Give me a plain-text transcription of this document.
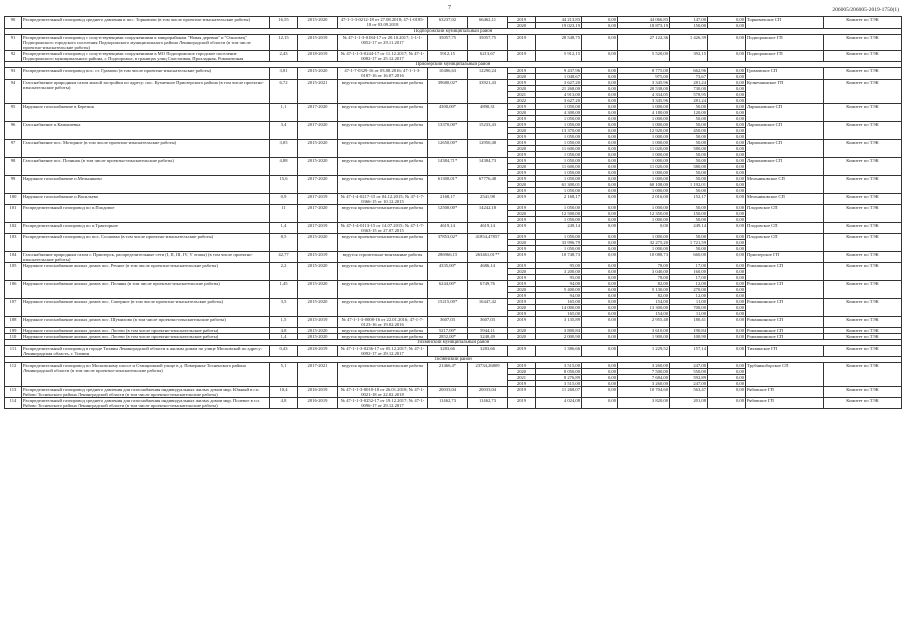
7	206005/206005-2019-1750(1)
90	Распределительный газопровод среднего давления в пос. Торковичи (в том числе проектно-изыскательские работы)	16,55	2015-2020	47-1-1-3-0212-18 от 27.08.2018; 47-1-0185-18 от 03.09.2018	63237,02	66462,11	2019	44 213,83	0,00	44 066,83	147,00	0,00	Торковичское СП	Комитет по ТЭК
							2020	19 023,19	0,00	18 873,19	150,00	0,00		
Подпорожский муниципальный район														
91	Распределительный газопровод с сопутствующими сооружениями к микрорайонам "Новая деревня" и "Ольховец" Подпорожского городского поселения Подпорожского муниципального района Ленинградской области (в том числе проектно-изыскательские работы)	12,15	2015-2019	№ 47-1-1-3-0184-17 от 20.10.2017; 1-1-1-0052-17 от 29.11.2017	35057,75	35057,75	2019	28 548,75	0,00	27 122,36	1 426,39	0,00	Подпорожское ГП	Комитет по ТЭК
92	Распределительный газопровод с сопутствующими сооружениями в МО Подпорожское городское поселение Подпорожского муниципального района, г. Подпорожье, в границах улиц Счастливая, Прохладная, Романтичная	2,43	2018-2019	№ 47-1-1-3-0244-17 от 11.12.2017; № 47-1-0082-17 от 25.12.2017	5912,15	6213,67	2019	5 912,15	0,00	5 520,00	392,15	0,00	Подпорожское ГП	Комитет по ТЭК
Приозерский муниципальный район														
93	Распределительный газопровод пос. ст. Громово (в том числе проектно-изыскательские работы)	3,81	2015-2020	47-1-7-0329-16 от 03.08.2016; 47-1-1-3-0187-16 от 16.07.2016	10486,63	12290,24	2019	9 437,96	0,00	8 775,00	662,96	0,00	Громовское СП	Комитет по ТЭК
							2020	1 048,67	0,00	975,00	73,67	0,00		
94	Газоснабжение природным газом жилой застройки по адресу: пос. Кузнечное Приозерского района (в том числе проектно-изыскательские работы)	6,72	2015-2021	ведутся проектно-изыскательские работы	39680,02*	33921,43	2019	3 627,20	0,00	3 345,96	281,24	0,00	Кузнечнинское ГП	Комитет по ТЭК
							2020	21 268,00	0,00	20 538,00	730,00	0,00		
							2021	4 913,00	0,00	4 334,05	578,95	0,00		
							2022	3 627,20	0,00	3 345,96	281,24	0,00		
95	Наружное газоснабжение в Бережок	1,1	2017-2020	ведутся проектно-изыскательские работы	4300,00*	4890,31	2019	1 050,00	0,00	1 000,00	50,00	0,00	Ларионовское СП	Комитет по ТЭК
							2020	4 300,00	0,00	4 180,00	120,00	0,00		
							2019	1 050,00	0,00	1 000,00	50,00	0,00		
96	Газоснабжение п.Камышевка	3,4	2017-2020	ведутся проектно-изыскательские работы	13370,00*	15233,43	2019	1 050,00	0,00	1 000,00	50,00	0,00	Ларионовское СП	Комитет по ТЭК
							2020	13 370,00	0,00	12 920,00	450,00	0,00		
							2019	1 050,00	0,00	1 000,00	50,00	0,00		
97	Газоснабжение пос. Моторное (в том числе проектно-изыскательские работы)	3,05	2015-2020	ведутся проектно-изыскательские работы	12650,00*	12950,48	2019	1 050,00	0,00	1 000,00	50,00	0,00	Ларионовское СП	Комитет по ТЭК
							2020	11 600,00	0,00	11 020,00	580,00	0,00		
							2019	1 050,00	0,00	1 000,00	50,00	0,00		
98	Газоснабжение пос. Починок (в том числе проектно-изыскательские работы)	4,88	2015-2020	ведутся проектно-изыскательские работы	14384,71*	14384,73	2019	1 050,00	0,00	1 000,00	50,00	0,00	Ларионовское СП	Комитет по ТЭК
							2020	11 600,00	0,00	11 020,00	580,00	0,00		
							2019	1 050,00	0,00	1 000,00	50,00	0,00		
99	Наружное газоснабжение п.Мельниково	15,6	2017-2020	ведутся проектно-изыскательские работы	61300,01*	67776,48	2019	1 050,00	0,00	1 000,00	50,00	0,00	Мельниковское СП	Комитет по ТЭК
							2020	61 300,01	0,00	60 108,00	1 192,01	0,00		
							2019	1 050,00	0,00	1 000,00	50,00	0,00		
100	Наружное газоснабжение п.Васильево	0,9	2017-2019	№ 47-1-4-0217-15 от 04.12.2015; № 47-1-7-0366-15 от 10.12.2015	2168,17	2541,98	2019	2 168,17	0,00	2 016,00	152,17	0,00	Мельниковское СП	Комитет по ТЭК
101	Распределительный газопровод по п.Плодовое	11	2017-2020	ведутся проектно-изыскательские работы	12500,00*	14242,18	2019	1 050,00	0,00	1 000,00	50,00	0,00	Плодовское СП	Комитет по ТЭК
							2020	12 500,00	0,00	12 350,00	150,00	0,00		
							2019	1 050,00	0,00	1 000,00	50,00	0,00		
102	Распределительный газопровод по п.Тракторное	1,4	2017-2019	№ 47-1-4-0113-15 от 14.07.2015; № 47-1-7-0363-15 от 27.07.2015	4619,14	4619,14	2019	249,14	0,00	0,00	249,14	0,00	Плодовское СП	Комитет по ТЭК
103	Распределительный газопровод по пос. Сосновка (в том числе проектно-изыскательские работы)	8,5	2015-2020	ведутся проектно-изыскательские работы	37853,02*	41854,47857	2019	1 050,00	0,00	1 000,00	50,00	0,00	Плодовское СП	Комитет по ТЭК
							2020	33 996,79	0,00	32 275,20	1 721,59	0,00		
							2019	1 050,00	0,00	1 000,00	50,00	0,00		
104	Газоснабжение природным газом г. Приозерск, распределительные сети (I, II, III, IV, V этапы) (в том числе проектно-изыскательские работы)	42,77	2015-2019	ведутся строительно-монтажные работы	286966,15	263461,01**	2019	10 748,73	0,00	10 088,73	660,00	0,00	Приозерское ГП	Комитет по ТЭК
105	Наружное газоснабжение жилых домов пос. Речное (в том числе проектно-изыскательские работы)	2,2	2015-2020	ведутся проектно-изыскательские работы	4335,00*	4686,14	2019	95,00	0,00	78,00	17,00	0,00	Ромашкинское СП	Комитет по ТЭК
							2020	3 200,00	0,00	3 040,00	160,00	0,00		
							2019	95,00	0,00	78,00	17,00	0,00		
106	Наружное газоснабжение жилых домов пос. Поляны (в том числе проектно-изыскательские работы)	1,45	2015-2020	ведутся проектно-изыскательские работы	6244,00*	6749,76	2019	94,00	0,00	82,00	12,00	0,00	Ромашкинское СП	Комитет по ТЭК
							2020	5 400,00	0,00	5 130,00	270,00	0,00		
							2019	94,00	0,00	82,00	12,00	0,00		
107	Наружное газоснабжение жилых домов пос. Саперное (в том числе проектно-изыскательские работы)	3,5	2015-2020	ведутся проектно-изыскательские работы	15215,00*	16447,42	2019	165,00	0,00	154,00	11,00	0,00	Ромашкинское СП	Комитет по ТЭК
							2020	14 000,00	0,00	13 300,00	700,00	0,00		
							2019	165,00	0,00	154,00	11,00	0,00		
108	Наружное газоснабжение жилых домов пос. Шумилово (в том числе проектно-изыскательские работы)	1,5	2015-2019	№ 47-1-1-3-0008-16 от 22.01.2016; 47-1-7-0123-16 от 19.02.2016	3607,03	3607,03	2019	3 135,89	0,00	2 955,48	180,41	0,00	Ромашкинское СП	Комитет по ТЭК
109	Наружное газоснабжение жилых домов пос. Лосево (в том числе проектно-изыскательские работы)	4,8	2015-2020	ведутся проектно-изыскательские работы	5217,00*	5944,11	2020	3 800,84	0,00	3 610,00	190,84	0,00	Ромашкинское СП	Комитет по ТЭК
110	Наружное газоснабжение жилых домов пос. Лосево (в том числе проектно-изыскательские работы)	1,4	2015-2020	ведутся проектно-изыскательские работы	2852,00*	3240,49	2020	2 000,90	0,00	1 900,00	100,90	0,00	Ромашкинское СП	Комитет по ТЭК
Тихвинский муниципальный район														
111	Распределительный газопровод в городе Тихвин Ленинградской области к жилым домам по улице Московской по адресу: Ленинградская область, г. Тихвин	0,43	2018-2019	№ 47-1-1-3-0236-17 от 05.12.2017; № 47-1-0092-17 от 29.12.2017	3283,66	3283,66	2019	1 386,66	0,00	1 229,52	157,14	0,00	Тихвинское ГП	Комитет по ТЭК
Тосненский район														
112	Распределительный газопровод по Московскому шоссе и Станционной улице в д. Померанье Тосненского района Ленинградской области (в том числе проектно-изыскательские работы)	5,1	2017-2021	ведутся проектно-изыскательские работы	21466,4*	23734,26809	2019	3 515,00	0,00	3 260,00	247,00	0,00	Трубникоборское СП	Комитет по ТЭК
							2020	8 050,00	0,00	7 500,00	550,00	0,00		
							2021	8 276,89	0,00	7 684,00	592,89	0,00		
							2019	3 515,00	0,00	3 260,00	247,00	0,00		
113	Распределительный газопровод среднего давления для газоснабжения индивидуальных жилых домов мкр. Южный в г.п. Рябово Тосненского района Ленинградской области (в том числе проектно-изыскательские работы)	10,4	2016-2019	№ 47-1-1-3-0010-18 от 26.01.2018; № 47-1-0021-18 от 22.02.2018	20033,04	20033,04	2019	11 268,07	0,00	10 704,60	563,47	0,00	Рябовское ГП	Комитет по ТЭК
114	Распределительный газопровод среднего давления для газоснабжения индивидуальных жилых домов мкр. Полевое в г.п. Рябово Тосненского района Ленинградской области (в том числе проектно-изыскательские работы)	4,8	2016-2019	№ 47-1-1-3-0252-17 от 19.12.2017; № 47-1-0096-17 от 29.12.2017	11462,73	11462,73	2019	4 024,08	0,00	3 820,00	201,08	0,00	Рябовское ГП	Комитет по ТЭК
